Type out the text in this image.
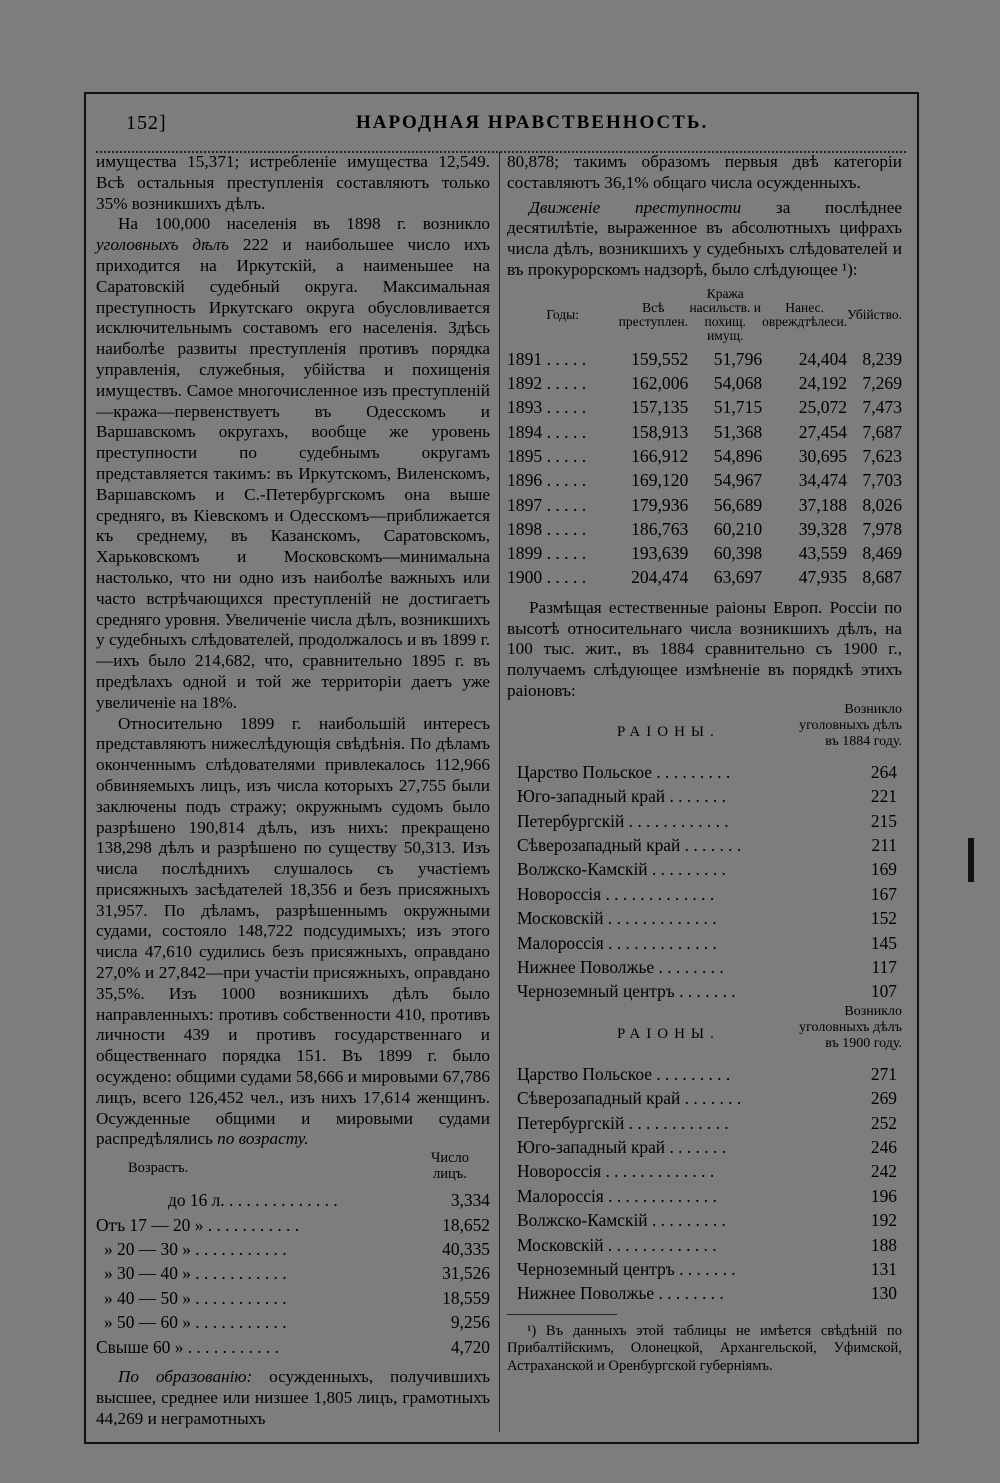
152]	НАРОДНАЯ НРАВСТВЕННОСТЬ.

имущества 15,371; истребленіе имущества 12,549. Всѣ остальныя преступленія составляютъ только 35% возникшихъ дѣлъ.

На 100,000 населенія въ 1898 г. возникло уголовныхъ дѣлъ 222 и наибольшее число ихъ приходится на Иркутскій, а наименьшее на Саратовскій судебный округа. Максимальная преступность Иркутскаго округа обусловливается исключительнымъ составомъ его населенія. Здѣсь наиболѣе развиты преступленія противъ порядка управленія, служебныя, убійства и похищенія имуществъ. Самое многочисленное изъ преступленій—кража—первенствуетъ въ Одесскомъ и Варшавскомъ округахъ, вообще же уровень преступности по судебнымъ округамъ представляется такимъ: въ Иркутскомъ, Виленскомъ, Варшавскомъ и С.-Петербургскомъ она выше средняго, въ Кіевскомъ и Одесскомъ—приближается къ среднему, въ Казанскомъ, Саратовскомъ, Харьковскомъ и Московскомъ—минимальна настолько, что ни одно изъ наиболѣе важныхъ или часто встрѣчающихся преступленій не достигаетъ средняго уровня. Увеличеніе числа дѣлъ, возникшихъ у судебныхъ слѣдователей, продолжалось и въ 1899 г.—ихъ было 214,682, что, сравнительно 1895 г. въ предѣлахъ одной и той же территоріи даетъ уже увеличеніе на 18%.

Относительно 1899 г. наибольшій интересъ представляютъ нижеслѣдующія свѣдѣнія. По дѣламъ оконченнымъ слѣдователями привлекалось 112,966 обвиняемыхъ лицъ, изъ числа которыхъ 27,755 были заключены подъ стражу; окружнымъ судомъ было разрѣшено 190,814 дѣлъ, изъ нихъ: прекращено 138,298 дѣлъ и разрѣшено по существу 50,313. Изъ числа послѣднихъ слушалось съ участіемъ присяжныхъ засѣдателей 18,356 и безъ присяжныхъ 31,957. По дѣламъ, разрѣшеннымъ окружными судами, состояло 148,722 подсудимыхъ; изъ этого числа 47,610 судились безъ присяжныхъ, оправдано 27,0% и 27,842—при участіи присяжныхъ, оправдано 35,5%. Изъ 1000 возникшихъ дѣлъ было направленныхъ: противъ собственности 410, противъ личности 439 и противъ государственнаго и общественнаго порядка 151. Въ 1899 г. было осуждено: общими судами 58,666 и мировыми 67,786 лицъ, всего 126,452 чел., изъ нихъ 17,614 женщинъ. Осужденные общими и мировыми судами распредѣлялись по возрасту.

Возрастъ.
Число лицъ.
до 16 л. . . . . . . . . . . . . .	3,334
Отъ 17 — 20 » . . . . . . . . . . .	18,652
» 20 — 30 » . . . . . . . . . . .	40,335
» 30 — 40 » . . . . . . . . . . .	31,526
» 40 — 50 » . . . . . . . . . . .	18,559
» 50 — 60 » . . . . . . . . . . .	9,256
Свыше 60 » . . . . . . . . . . .	4,720

По образованію: осужденныхъ, получившихъ высшее, среднее или низшее 1,805 лицъ, грамотныхъ 44,269 и неграмотныхъ

80,878; такимъ образомъ первыя двѣ категоріи составляютъ 36,1% общаго числа осужденныхъ.

Движеніе преступности за послѣднее десятилѣтіе, выраженное въ абсолютныхъ цифрахъ числа дѣлъ, возникшихъ у судебныхъ слѣдователей и въ прокурорскомъ надзорѣ, было слѣдующее ¹):

Годы:	Всѣ преступлен.	Кража насильств. и похищ. имущ.	Нанес. овреждтѣлеси.	Убійство.
1891 . . . . .	159,552	51,796	24,404	8,239
1892 . . . . .	162,006	54,068	24,192	7,269
1893 . . . . .	157,135	51,715	25,072	7,473
1894 . . . . .	158,913	51,368	27,454	7,687
1895 . . . . .	166,912	54,896	30,695	7,623
1896 . . . . .	169,120	54,967	34,474	7,703
1897 . . . . .	179,936	56,689	37,188	8,026
1898 . . . . .	186,763	60,210	39,328	7,978
1899 . . . . .	193,639	60,398	43,559	8,469
1900 . . . . .	204,474	63,697	47,935	8,687

Размѣщая естественные раіоны Европ. Россіи по высотѣ относительнаго числа возникшихъ дѣлъ, на 100 тыс. жит., въ 1884 сравнительно съ 1900 г., получаемъ слѣдующее измѣненіе въ порядкѣ этихъ раіоновъ:

РАІОНЫ.
Возникло уголовныхъ дѣлъ въ 1884 году.
Царство Польское . . . . . . . . .	264
Юго-западный край . . . . . . .	221
Петербургскій . . . . . . . . . . . .	215
Сѣверозападный край . . . . . . .	211
Волжско-Камскій . . . . . . . . .	169
Новороссія . . . . . . . . . . . . .	167
Московскій . . . . . . . . . . . . .	152
Малороссія . . . . . . . . . . . . .	145
Нижнее Поволжье . . . . . . . .	117
Черноземный центръ . . . . . . .	107
РАІОНЫ.
Возникло уголовныхъ дѣлъ въ 1900 году.
Царство Польское . . . . . . . . .	271
Сѣверозападный край . . . . . . .	269
Петербургскій . . . . . . . . . . . .	252
Юго-западный край . . . . . . .	246
Новороссія . . . . . . . . . . . . .	242
Малороссія . . . . . . . . . . . . .	196
Волжско-Камскій . . . . . . . . .	192
Московскій . . . . . . . . . . . . .	188
Черноземный центръ . . . . . . .	131
Нижнее Поволжье . . . . . . . .	130

¹) Въ данныхъ этой таблицы не имѣется свѣдѣній по Прибалтійскимъ, Олонецкой, Архангельской, Уфимской, Астраханской и Оренбургской губерніямъ.
